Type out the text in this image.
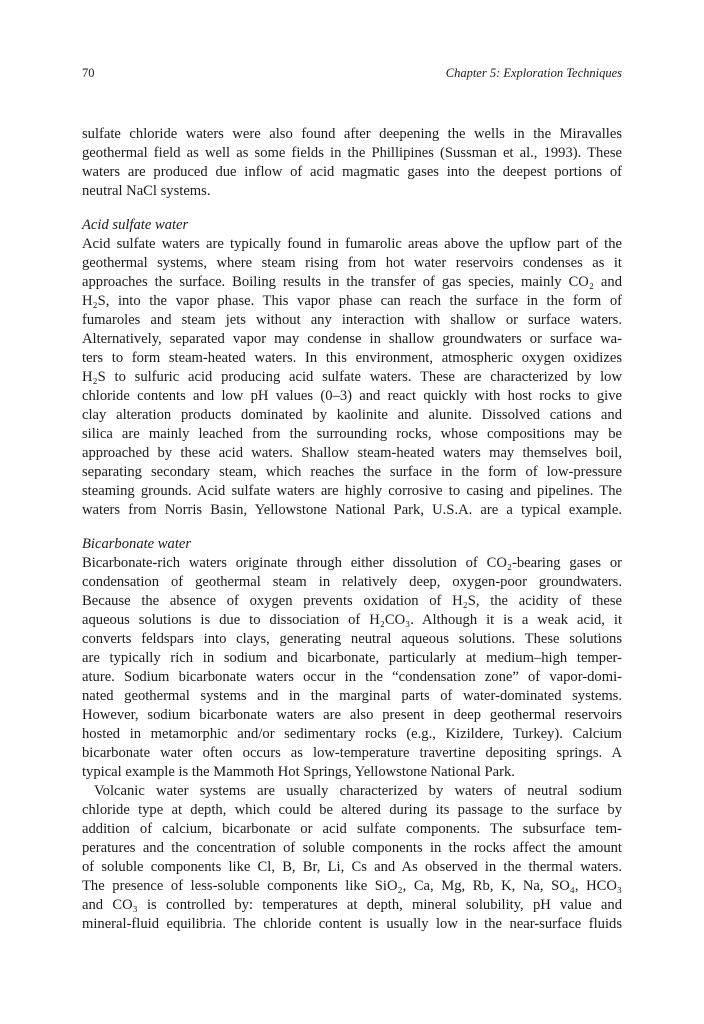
70	Chapter 5: Exploration Techniques
sulfate chloride waters were also found after deepening the wells in the Miravalles
geothermal field as well as some fields in the Phillipines (Sussman et al., 1993). These
waters are produced due inflow of acid magmatic gases into the deepest portions of
neutral NaCl systems.
Acid sulfate water
Acid sulfate waters are typically found in fumarolic areas above the upflow part of the
geothermal systems, where steam rising from hot water reservoirs condenses as it
approaches the surface. Boiling results in the transfer of gas species, mainly CO₂ and
H₂S, into the vapor phase. This vapor phase can reach the surface in the form of
fumaroles and steam jets without any interaction with shallow or surface waters.
Alternatively, separated vapor may condense in shallow groundwaters or surface wa-
ters to form steam-heated waters. In this environment, atmospheric oxygen oxidizes
H₂S to sulfuric acid producing acid sulfate waters. These are characterized by low
chloride contents and low pH values (0–3) and react quickly with host rocks to give
clay alteration products dominated by kaolinite and alunite. Dissolved cations and
silica are mainly leached from the surrounding rocks, whose compositions may be
approached by these acid waters. Shallow steam-heated waters may themselves boil,
separating secondary steam, which reaches the surface in the form of low-pressure
steaming grounds. Acid sulfate waters are highly corrosive to casing and pipelines. The
waters from Norris Basin, Yellowstone National Park, U.S.A. are a typical example.
Bicarbonate water
Bicarbonate-rich waters originate through either dissolution of CO₂-bearing gases or
condensation of geothermal steam in relatively deep, oxygen-poor groundwaters.
Because the absence of oxygen prevents oxidation of H₂S, the acidity of these
aqueous solutions is due to dissociation of H₂CO₃. Although it is a weak acid, it
converts feldspars into clays, generating neutral aqueous solutions. These solutions
are typically rich in sodium and bicarbonate, particularly at medium–high temper-
ature. Sodium bicarbonate waters occur in the “condensation zone” of vapor-domi-
nated geothermal systems and in the marginal parts of water-dominated systems.
However, sodium bicarbonate waters are also present in deep geothermal reservoirs
hosted in metamorphic and/or sedimentary rocks (e.g., Kizildere, Turkey). Calcium
bicarbonate water often occurs as low-temperature travertine depositing springs. A
typical example is the Mammoth Hot Springs, Yellowstone National Park.
Volcanic water systems are usually characterized by waters of neutral sodium
chloride type at depth, which could be altered during its passage to the surface by
addition of calcium, bicarbonate or acid sulfate components. The subsurface tem-
peratures and the concentration of soluble components in the rocks affect the amount
of soluble components like Cl, B, Br, Li, Cs and As observed in the thermal waters.
The presence of less-soluble components like SiO₂, Ca, Mg, Rb, K, Na, SO₄, HCO₃
and CO₃ is controlled by: temperatures at depth, mineral solubility, pH value and
mineral-fluid equilibria. The chloride content is usually low in the near-surface fluids
